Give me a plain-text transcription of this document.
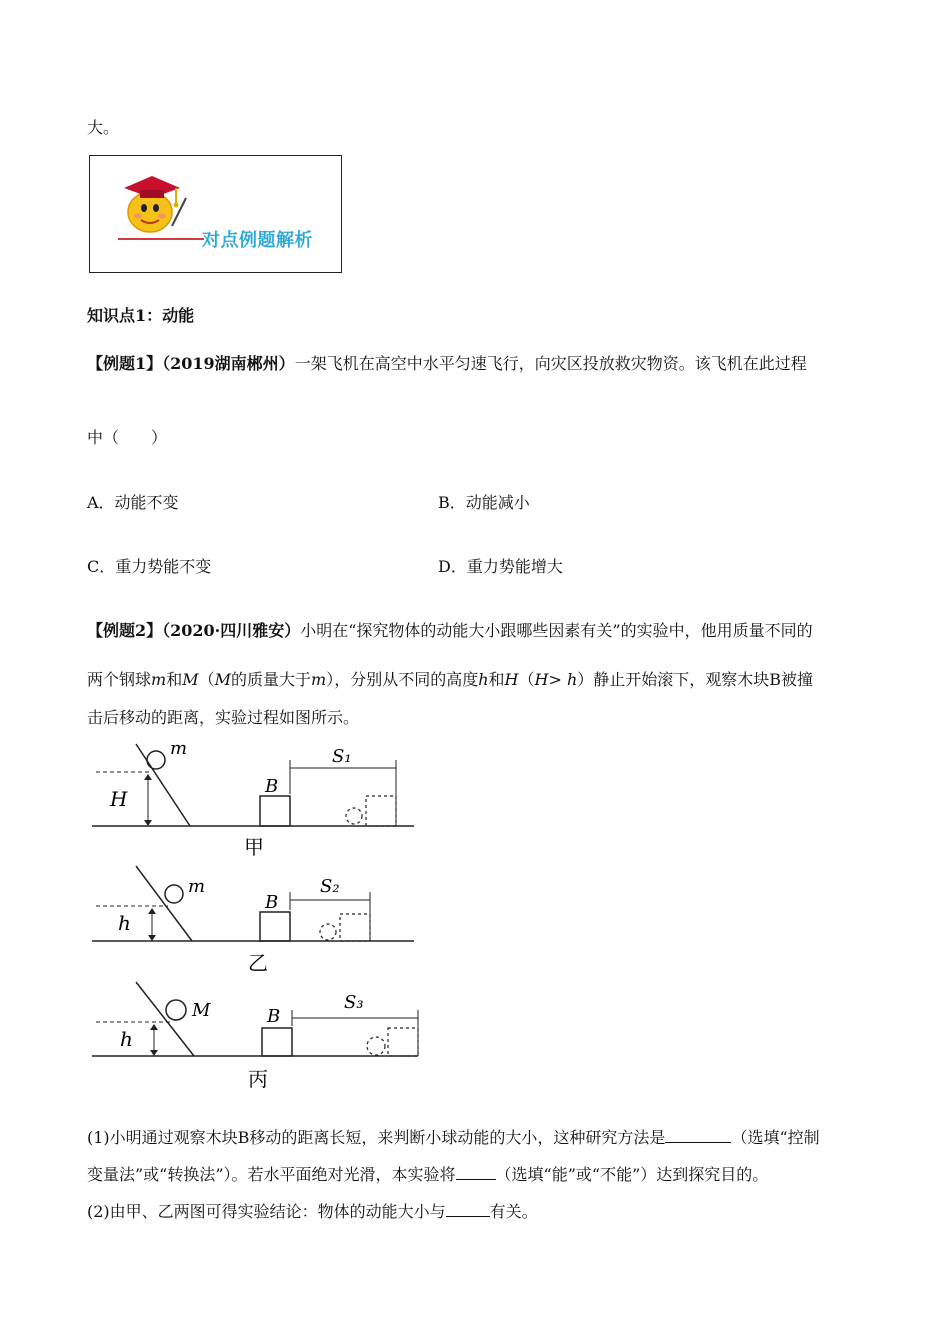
大。
对点例题解析
知识点1：动能
【例题1】（2019湖南郴州）一架飞机在高空中水平匀速飞行，向灾区投放救灾物资。该飞机在此过程
中（　　）
A．动能不变	B．动能减小
C．重力势能不变	D．重力势能增大
【例题2】（2020·四川雅安）小明在“探究物体的动能大小跟哪些因素有关”的实验中，他用质量不同的
两个钢球m和M（M的质量大于m），分别从不同的高度h和H（H> h）静止开始滚下，观察木块B被撞
击后移动的距离，实验过程如图所示。
m
H
B
S₁
甲
m
h
B
S₂
乙
M
h
B
S₃
丙
(1)小明通过观察木块B移动的距离长短，来判断小球动能的大小，这种研究方法是	（选填“控制
变量法”或“转换法”）。若水平面绝对光滑，本实验将	（选填“能”或“不能”）达到探究目的。
(2)由甲、乙两图可得实验结论：物体的动能大小与	有关。
